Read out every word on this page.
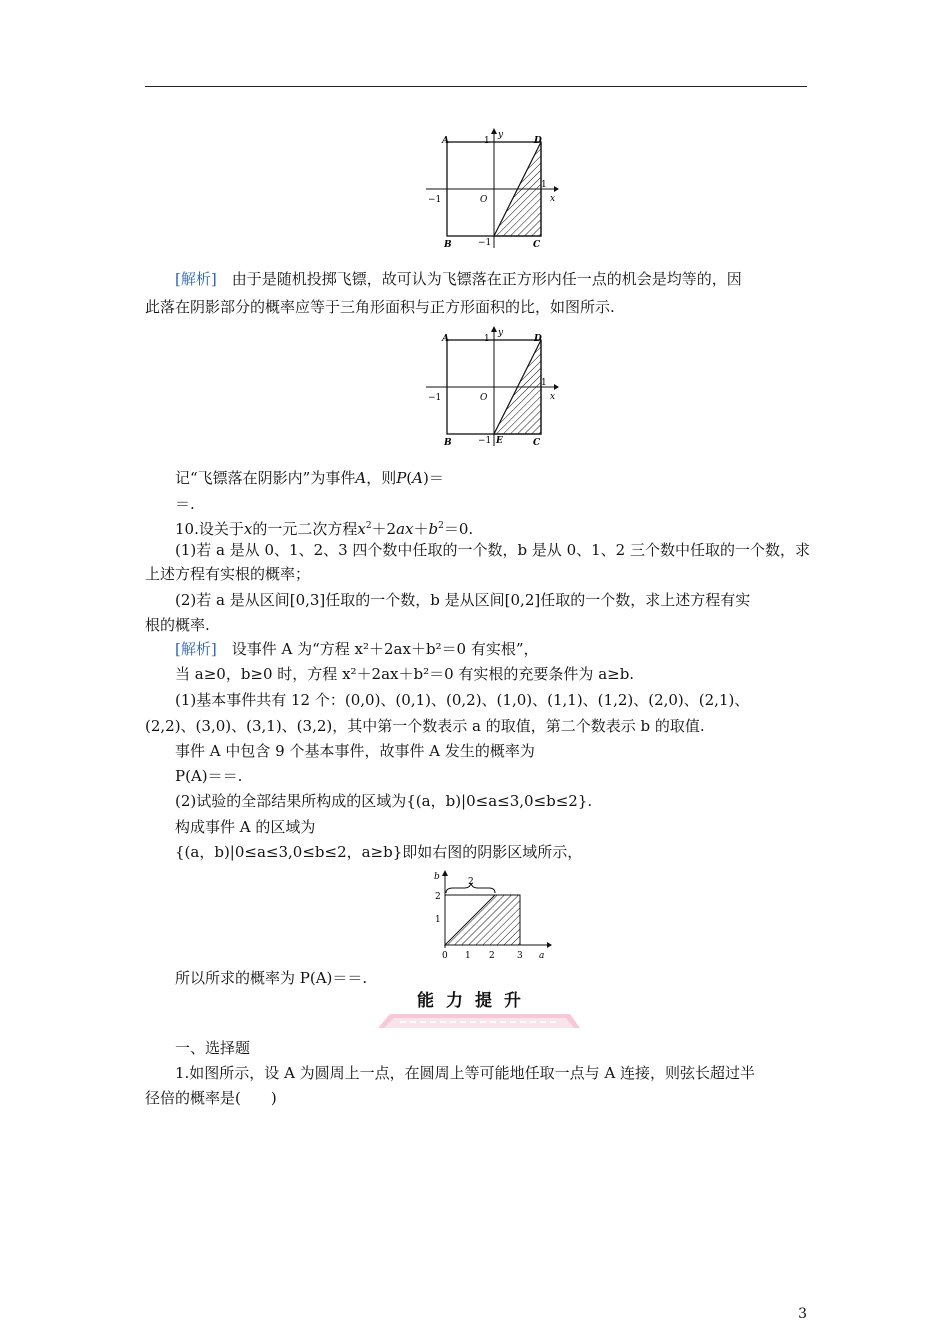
A	1
y
D
1
x
−1	O
B	−1	C
[解析]　由于是随机投掷飞镖，故可认为飞镖落在正方形内任一点的机会是均等的，因
此落在阴影部分的概率应等于三角形面积与正方形面积的比，如图所示.
A	1
y
D
1
x
−1	O
B	−1 E	C
记“飞镖落在阴影内”为事件A，则P(A)＝
＝.
10.设关于x的一元二次方程$x^2+2ax+b^2=0$.
(1)若 a 是从 0、1、2、3 四个数中任取的一个数，b 是从 0、1、2 三个数中任取的一个数，求
上述方程有实根的概率；
(2)若 a 是从区间[0,3]任取的一个数，b 是从区间[0,2]任取的一个数，求上述方程有实
根的概率.
[解析]　设事件 A 为“方程 x²＋2ax＋b²＝0 有实根”，
当 a≥0，b≥0 时，方程 x²＋2ax＋b²＝0 有实根的充要条件为 a≥b.
(1)基本事件共有 12 个：(0,0)、(0,1)、(0,2)、(1,0)、(1,1)、(1,2)、(2,0)、(2,1)、
(2,2)、(3,0)、(3,1)、(3,2)，其中第一个数表示 a 的取值，第二个数表示 b 的取值.
事件 A 中包含 9 个基本事件，故事件 A 发生的概率为
P(A)＝＝.
(2)试验的全部结果所构成的区域为{(a，b)|0≤a≤3,0≤b≤2}.
构成事件 A 的区域为
{(a，b)|0≤a≤3,0≤b≤2，a≥b}即如右图的阴影区域所示，
b	2
2
1
0 1 2 3 a
所以所求的概率为 P(A)＝＝.
能力提升
一、选择题
1.如图所示，设 A 为圆周上一点，在圆周上等可能地任取一点与 A 连接，则弦长超过半
径倍的概率是(　　)
3
